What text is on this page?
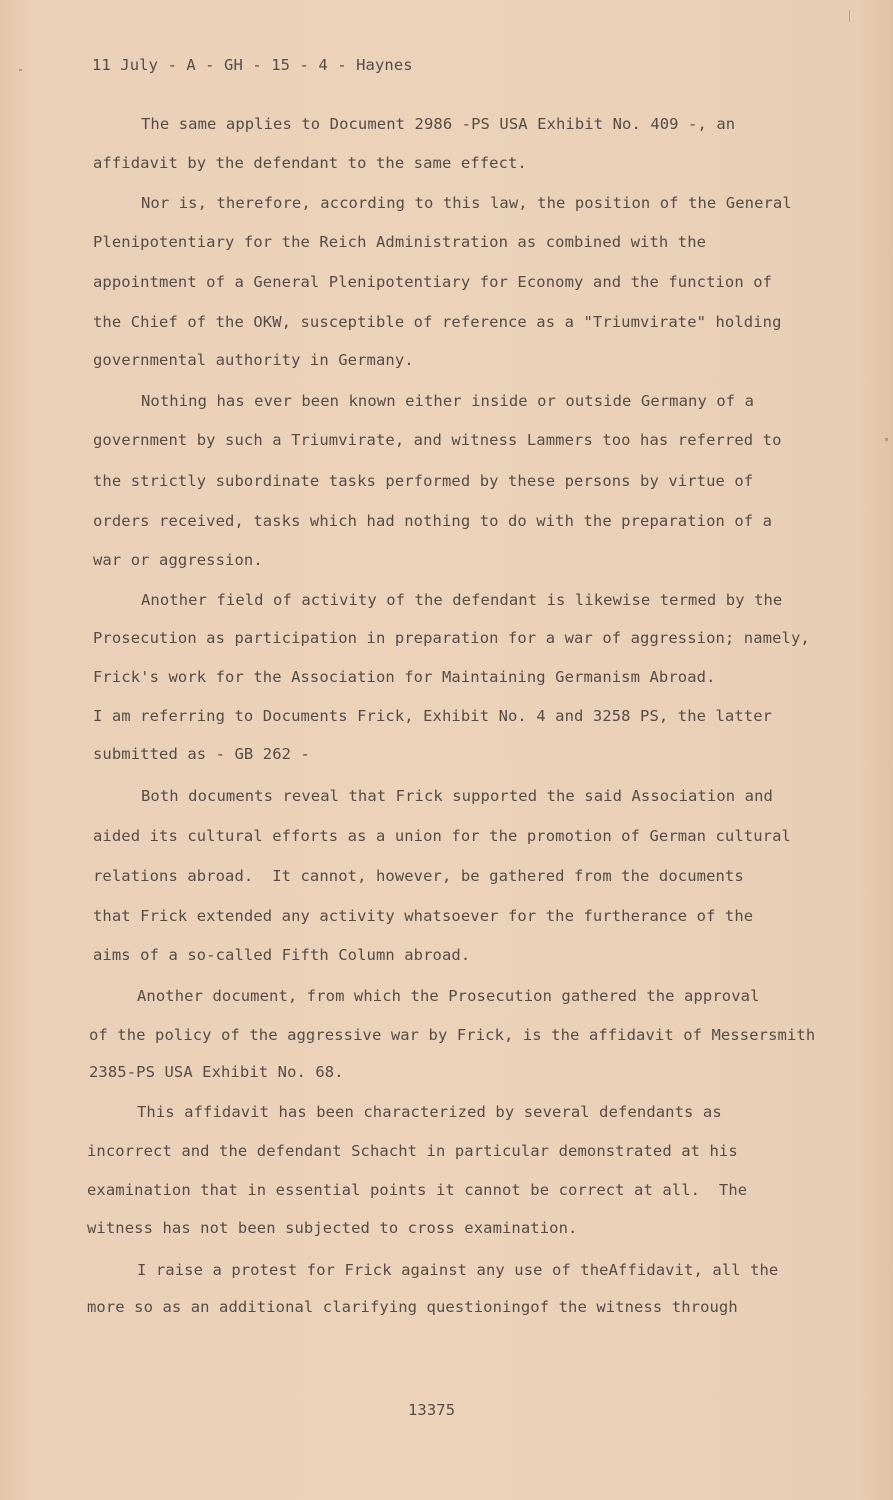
11 July - A - GH - 15 - 4 - Haynes
The same applies to Document 2986 -PS USA Exhibit No. 409 -, an
affidavit by the defendant to the same effect.
Nor is, therefore, according to this law, the position of the General
Plenipotentiary for the Reich Administration as combined with the
appointment of a General Plenipotentiary for Economy and the function of
the Chief of the OKW, susceptible of reference as a "Triumvirate" holding
governmental authority in Germany.
Nothing has ever been known either inside or outside Germany of a
government by such a Triumvirate, and witness Lammers too has referred to
the strictly subordinate tasks performed by these persons by virtue of
orders received, tasks which had nothing to do with the preparation of a
war or aggression.
Another field of activity of the defendant is likewise termed by the
Prosecution as participation in preparation for a war of aggression; namely,
Frick's work for the Association for Maintaining Germanism Abroad.
I am referring to Documents Frick, Exhibit No. 4 and 3258 PS, the latter
submitted as - GB 262 -
Both documents reveal that Frick supported the said Association and
aided its cultural efforts as a union for the promotion of German cultural
relations abroad.  It cannot, however, be gathered from the documents
that Frick extended any activity whatsoever for the furtherance of the
aims of a so-called Fifth Column abroad.
Another document, from which the Prosecution gathered the approval
of the policy of the aggressive war by Frick, is the affidavit of Messersmith
2385-PS USA Exhibit No. 68.
This affidavit has been characterized by several defendants as
incorrect and the defendant Schacht in particular demonstrated at his
examination that in essential points it cannot be correct at all.  The
witness has not been subjected to cross examination.
I raise a protest for Frick against any use of theAffidavit, all the
more so as an additional clarifying questioningof the witness through
13375
